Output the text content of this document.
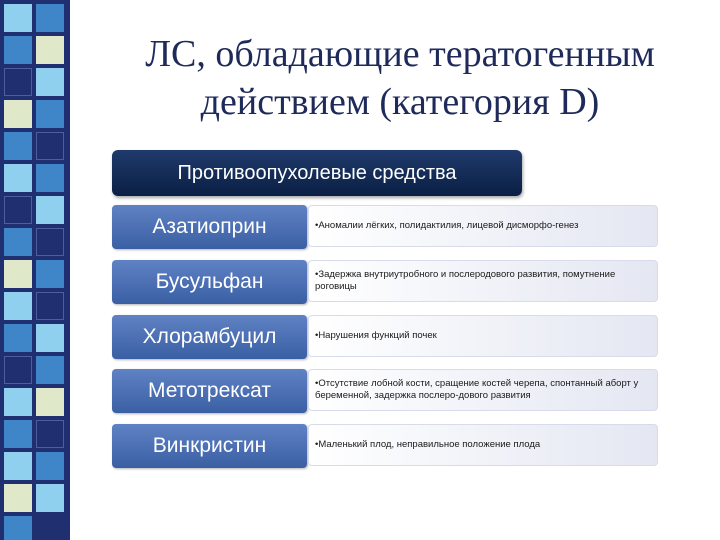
ЛС, обладающие тератогенным
действием (категория D)
Противоопухолевые средства
Азатиоприн	•Аномалии лёгких, полидактилия, лицевой дисморфо-генез
Бусульфан	•Задержка внутриутробного и послеродового развития, помутнение роговицы
Хлорамбуцил	•Нарушения функций почек
Метотрексат	•Отсутствие лобной кости, сращение костей черепа, спонтанный аборт у беременной, задержка послеро-дового развития
Винкристин	•Маленький плод, неправильное положение плода
